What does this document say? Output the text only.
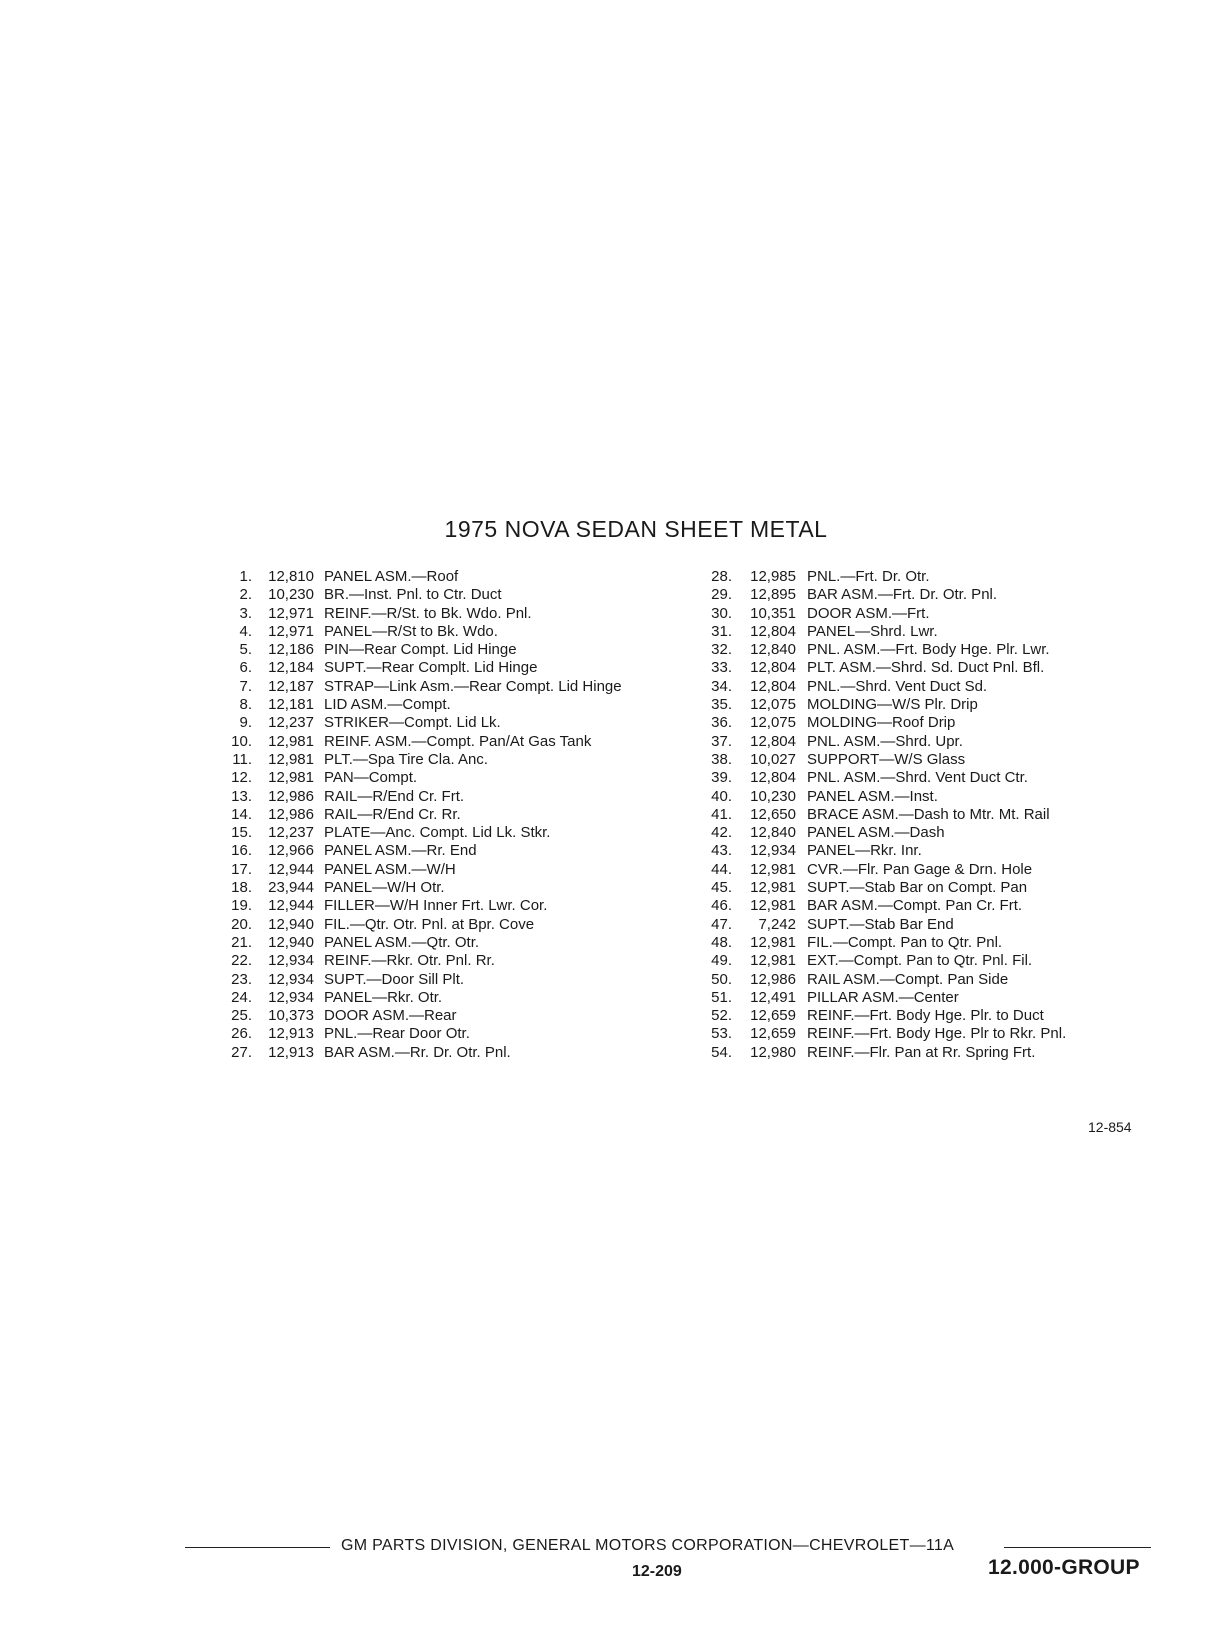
1975 NOVA SEDAN SHEET METAL
1.	12,810 PANEL ASM.—Roof
2.	10,230 BR.—Inst. Pnl. to Ctr. Duct
3.	12,971 REINF.—R/St. to Bk. Wdo. Pnl.
4.	12,971 PANEL—R/St to Bk. Wdo.
5.	12,186 PIN—Rear Compt. Lid Hinge
6.	12,184 SUPT.—Rear Complt. Lid Hinge
7.	12,187 STRAP—Link Asm.—Rear Compt. Lid Hinge
8.	12,181 LID ASM.—Compt.
9.	12,237 STRIKER—Compt. Lid Lk.
10.	12,981 REINF. ASM.—Compt. Pan/At Gas Tank
11.	12,981 PLT.—Spa Tire Cla. Anc.
12.	12,981 PAN—Compt.
13.	12,986 RAIL—R/End Cr. Frt.
14.	12,986 RAIL—R/End Cr. Rr.
15.	12,237 PLATE—Anc. Compt. Lid Lk. Stkr.
16.	12,966 PANEL ASM.—Rr. End
17.	12,944 PANEL ASM.—W/H
18.	23,944 PANEL—W/H Otr.
19.	12,944 FILLER—W/H Inner Frt. Lwr. Cor.
20.	12,940 FIL.—Qtr. Otr. Pnl. at Bpr. Cove
21.	12,940 PANEL ASM.—Qtr. Otr.
22.	12,934 REINF.—Rkr. Otr. Pnl. Rr.
23.	12,934 SUPT.—Door Sill Plt.
24.	12,934 PANEL—Rkr. Otr.
25.	10,373 DOOR ASM.—Rear
26.	12,913 PNL.—Rear Door Otr.
27.	12,913 BAR ASM.—Rr. Dr. Otr. Pnl.
28.	12,985 PNL.—Frt. Dr. Otr.
29.	12,895 BAR ASM.—Frt. Dr. Otr. Pnl.
30.	10,351 DOOR ASM.—Frt.
31.	12,804 PANEL—Shrd. Lwr.
32.	12,840 PNL. ASM.—Frt. Body Hge. Plr. Lwr.
33.	12,804 PLT. ASM.—Shrd. Sd. Duct Pnl. Bfl.
34.	12,804 PNL.—Shrd. Vent Duct Sd.
35.	12,075 MOLDING—W/S Plr. Drip
36.	12,075 MOLDING—Roof Drip
37.	12,804 PNL. ASM.—Shrd. Upr.
38.	10,027 SUPPORT—W/S Glass
39.	12,804 PNL. ASM.—Shrd. Vent Duct Ctr.
40.	10,230 PANEL ASM.—Inst.
41.	12,650 BRACE ASM.—Dash to Mtr. Mt. Rail
42.	12,840 PANEL ASM.—Dash
43.	12,934 PANEL—Rkr. Inr.
44.	12,981 CVR.—Flr. Pan Gage & Drn. Hole
45.	12,981 SUPT.—Stab Bar on Compt. Pan
46.	12,981 BAR ASM.—Compt. Pan Cr. Frt.
47.	7,242 SUPT.—Stab Bar End
48.	12,981 FIL.—Compt. Pan to Qtr. Pnl.
49.	12,981 EXT.—Compt. Pan to Qtr. Pnl. Fil.
50.	12,986 RAIL ASM.—Compt. Pan Side
51.	12,491 PILLAR ASM.—Center
52.	12,659 REINF.—Frt. Body Hge. Plr. to Duct
53.	12,659 REINF.—Frt. Body Hge. Plr to Rkr. Pnl.
54.	12,980 REINF.—Flr. Pan at Rr. Spring Frt.
12-854
GM PARTS DIVISION, GENERAL MOTORS CORPORATION—CHEVROLET—11A
12-209	12.000-GROUP
